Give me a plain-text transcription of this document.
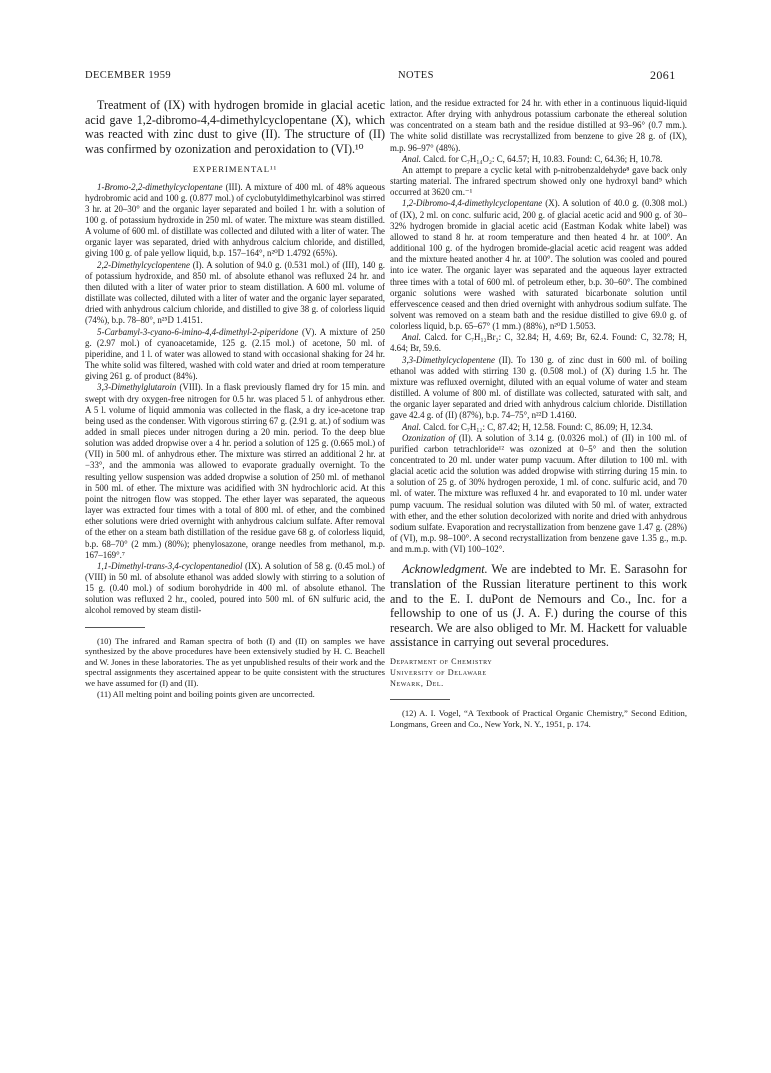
DECEMBER 1959	NOTES	2061

Treatment of (IX) with hydrogen bromide in glacial acetic acid gave 1,2-dibromo-4,4-dimethylcyclopentane (X), which was reacted with zinc dust to give (II). The structure of (II) was confirmed by ozonization and peroxidation to (VI).¹⁰

EXPERIMENTAL¹¹

1-Bromo-2,2-dimethylcyclopentane (III). A mixture of 400 ml. of 48% aqueous hydrobromic acid and 100 g. (0.877 mol.) of cyclobutyldimethylcarbinol was stirred 3 hr. at 20–30° and the organic layer separated and boiled 1 hr. with a solution of 100 g. of potassium hydroxide in 250 ml. of water. The mixture was steam distilled. A volume of 600 ml. of distillate was collected and diluted with a liter of water. The organic layer was separated, dried with anhydrous calcium chloride, and distilled, giving 100 g. of pale yellow liquid, b.p. 157–164°, n²⁰D 1.4792 (65%).

2,2-Dimethylcyclopentene (I). A solution of 94.0 g. (0.531 mol.) of (III), 140 g. of potassium hydroxide, and 850 ml. of absolute ethanol was refluxed 24 hr. and then diluted with a liter of water prior to steam distillation. A 600 ml. volume of distillate was collected, diluted with a liter of water and the organic layer separated, dried with anhydrous calcium chloride, and distilled to give 38 g. of colorless liquid (74%), b.p. 78–80°, n²⁵D 1.4151.

5-Carbamyl-3-cyano-6-imino-4,4-dimethyl-2-piperidone (V). A mixture of 250 g. (2.97 mol.) of cyanoacetamide, 125 g. (2.15 mol.) of acetone, 50 ml. of piperidine, and 1 l. of water was allowed to stand with occasional shaking for 24 hr. The white solid was filtered, washed with cold water and dried at room temperature giving 261 g. of product (84%).

3,3-Dimethylglutaroin (VIII). In a flask previously flamed dry for 15 min. and swept with dry oxygen-free nitrogen for 0.5 hr. was placed 5 l. of anhydrous ether. A 5 l. volume of liquid ammonia was collected in the flask, a dry ice-acetone trap being used as the condenser. With vigorous stirring 67 g. (2.91 g. at.) of sodium was added in small pieces under nitrogen during a 20 min. period. To the deep blue solution was added dropwise over a 4 hr. period a solution of 125 g. (0.665 mol.) of (VII) in 500 ml. of anhydrous ether. The mixture was stirred an additional 2 hr. at −33°, and the ammonia was allowed to evaporate gradually overnight. To the resulting yellow suspension was added dropwise a solution of 250 ml. of methanol in 500 ml. of ether. The mixture was acidified with 3N hydrochloric acid. At this point the nitrogen flow was stopped. The ether layer was separated, the aqueous layer was extracted four times with a total of 800 ml. of ether, and the combined ether solutions were dried overnight with anhydrous calcium sulfate. After removal of the ether on a steam bath distillation of the residue gave 68 g. of colorless liquid, b.p. 68–70° (2 mm.) (80%); phenylosazone, orange needles from methanol, m.p. 167–169°.⁷

1,1-Dimethyl-trans-3,4-cyclopentanediol (IX). A solution of 58 g. (0.45 mol.) of (VIII) in 50 ml. of absolute ethanol was added slowly with stirring to a solution of 15 g. (0.40 mol.) of sodium borohydride in 400 ml. of absolute ethanol. The solution was refluxed 2 hr., cooled, poured into 500 ml. of 6N sulfuric acid, the alcohol removed by steam distil-

(10) The infrared and Raman spectra of both (I) and (II) on samples we have synthesized by the above procedures have been extensively studied by H. C. Beachell and W. Jones in these laboratories. The as yet unpublished results of their work and the spectral assignments they ascertained appear to be quite consistent with the structures we have assumed for (I) and (II).

(11) All melting point and boiling points given are uncorrected.

lation, and the residue extracted for 24 hr. with ether in a continuous liquid-liquid extractor. After drying with anhydrous potassium carbonate the ethereal solution was concentrated on a steam bath and the residue distilled at 93–96° (0.7 mm.). The white solid distillate was recrystallized from benzene to give 28 g. of (IX), m.p. 96–97° (48%).

Anal. Calcd. for C₇H₁₄O₂: C, 64.57; H, 10.83. Found: C, 64.36; H, 10.78.

An attempt to prepare a cyclic ketal with p-nitrobenzaldehyde⁸ gave back only starting material. The infrared spectrum showed only one hydroxyl band⁹ which occurred at 3620 cm.⁻¹

1,2-Dibromo-4,4-dimethylcyclopentane (X). A solution of 40.0 g. (0.308 mol.) of (IX), 2 ml. on conc. sulfuric acid, 200 g. of glacial acetic acid and 900 g. of 30–32% hydrogen bromide in glacial acetic acid (Eastman Kodak white label) was allowed to stand 8 hr. at room temperature and then heated 4 hr. at 100°. An additional 100 g. of the hydrogen bromide-glacial acetic acid reagent was added and the mixture heated another 4 hr. at 100°. The solution was cooled and poured into ice water. The organic layer was separated and the aqueous layer extracted three times with a total of 600 ml. of petroleum ether, b.p. 30–60°. The combined organic solutions were washed with saturated bicarbonate solution until effervescence ceased and then dried overnight with anhydrous sodium sulfate. The solvent was removed on a steam bath and the residue distilled to give 69.0 g. of colorless liquid, b.p. 65–67° (1 mm.) (88%), n²⁰D 1.5053.

Anal. Calcd. for C₇H₁₂Br₂: C, 32.84; H, 4.69; Br, 62.4. Found: C, 32.78; H, 4.64; Br, 59.6.

3,3-Dimethylcyclopentene (II). To 130 g. of zinc dust in 600 ml. of boiling ethanol was added with stirring 130 g. (0.508 mol.) of (X) during 1.5 hr. The mixture was refluxed overnight, diluted with an equal volume of water and steam distilled. A volume of 800 ml. of distillate was collected, saturated with salt, and the organic layer separated and dried with anhydrous calcium chloride. Distillation gave 42.4 g. of (II) (87%), b.p. 74–75°, n²²D 1.4160.

Anal. Calcd. for C₇H₁₂: C, 87.42; H, 12.58. Found: C, 86.09; H, 12.34.

Ozonization of (II). A solution of 3.14 g. (0.0326 mol.) of (II) in 100 ml. of purified carbon tetrachloride¹² was ozonized at 0–5° and then the solution concentrated to 20 ml. under water pump vacuum. After dilution to 100 ml. with glacial acetic acid the solution was added dropwise with stirring during 15 min. to a solution of 25 g. of 30% hydrogen peroxide, 1 ml. of conc. sulfuric acid, and 70 ml. of water. The mixture was refluxed 4 hr. and evaporated to 10 ml. under water pump vacuum. The residual solution was diluted with 50 ml. of water, extracted with ether, and the ether solution decolorized with norite and dried with anhydrous sodium sulfate. Evaporation and recrystallization from benzene gave 1.47 g. (28%) of (VI), m.p. 98–100°. A second recrystallization from benzene gave 1.35 g., m.p. and m.m.p. with (VI) 100–102°.

Acknowledgment. We are indebted to Mr. E. Sarasohn for translation of the Russian literature pertinent to this work and to the E. I. duPont de Nemours and Co., Inc. for a fellowship to one of us (J. A. F.) during the course of this research. We are also obliged to Mr. M. Hackett for valuable assistance in carrying out several procedures.

Department of Chemistry

University of Delaware

Newark, Del.

(12) A. I. Vogel, “A Textbook of Practical Organic Chemistry,” Second Edition, Longmans, Green and Co., New York, N. Y., 1951, p. 174.
